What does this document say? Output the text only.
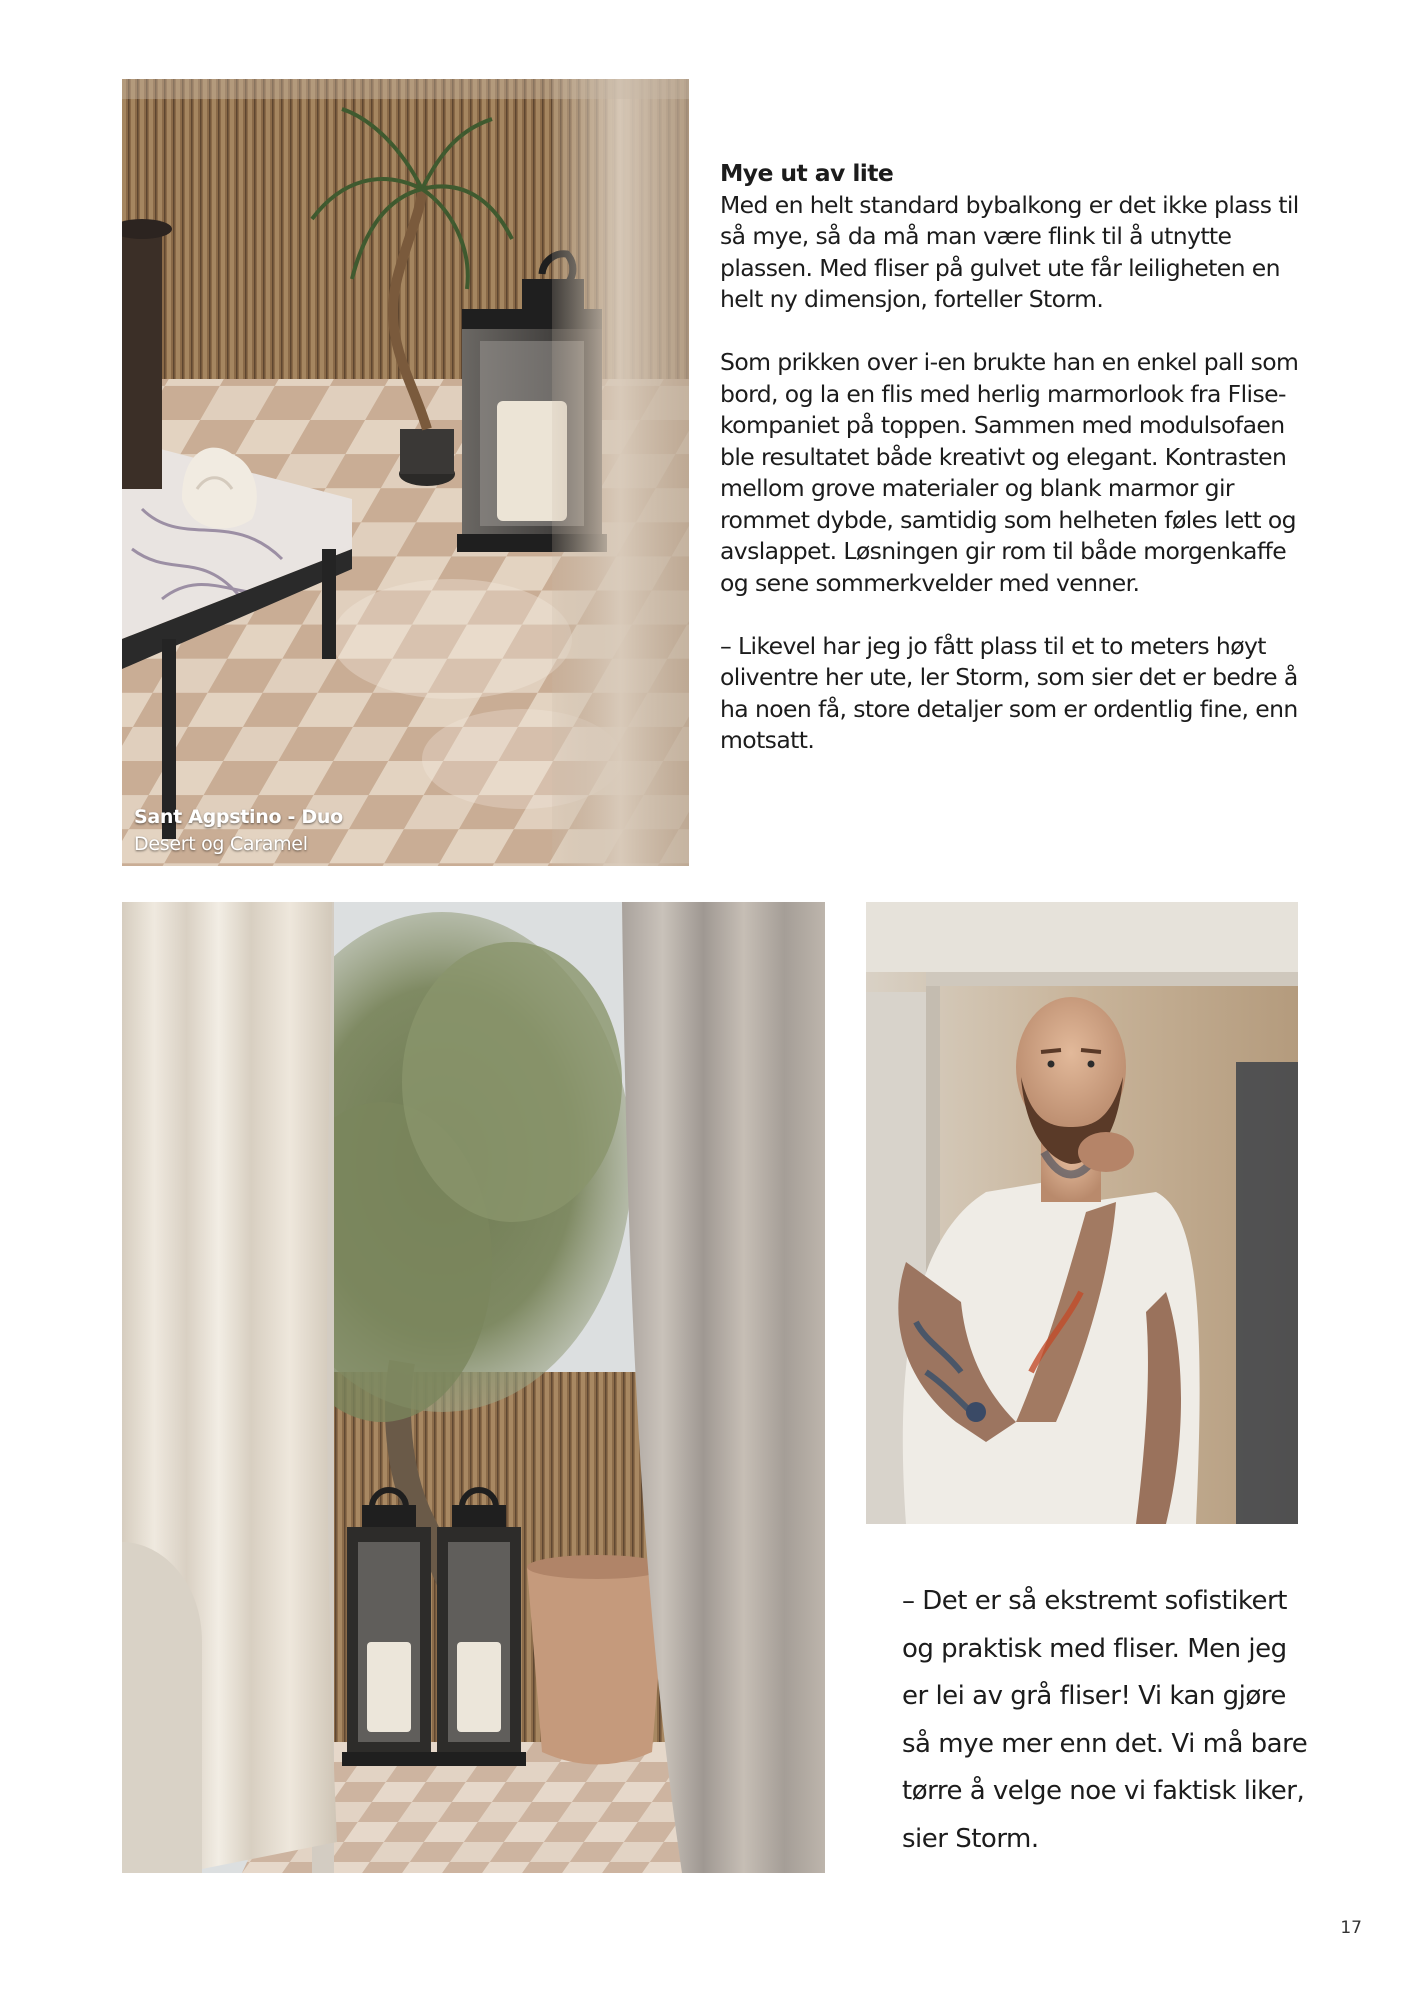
Sant Agpstino - Duo
Desert og Caramel
Mye ut av lite

Med en helt standard bybalkong er det ikke plass til så mye, så da må man være flink til å utnytte plassen. Med fliser på gulvet ute får leiligheten en helt ny dimensjon, forteller Storm.

Som prikken over i-en brukte han en enkel pall som bord, og la en flis med herlig marmorlook fra Flise-kompaniet på toppen. Sammen med modulsofaen ble resultatet både kreativt og elegant. Kontrasten mellom grove materialer og blank marmor gir rommet dybde, samtidig som helheten føles lett og avslappet. Løsningen gir rom til både morgenkaffe og sene sommerkvelder med venner.

– Likevel har jeg jo fått plass til et to meters høyt oliventre her ute, ler Storm, som sier det er bedre å ha noen få, store detaljer som er ordentlig fine, enn motsatt.

– Det er så ekstremt sofistikert
og praktisk med fliser. Men jeg
er lei av grå fliser! Vi kan gjøre
så mye mer enn det. Vi må bare
tørre å velge noe vi faktisk liker,
sier Storm.
17
